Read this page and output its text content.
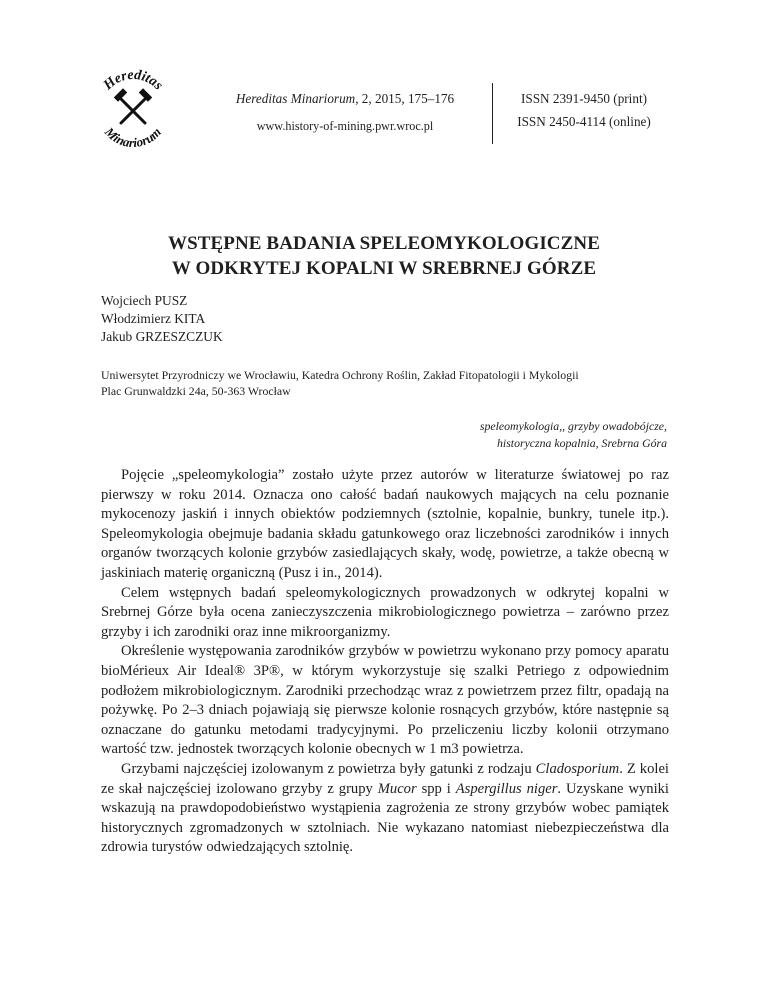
Hereditas
Minariorum
Hereditas Minariorum, 2, 2015, 175–176
www.history-of-mining.pwr.wroc.pl
ISSN 2391-9450 (print)
ISSN 2450-4114 (online)
WSTĘPNE BADANIA SPELEOMYKOLOGICZNE
W ODKRYTEJ KOPALNI W SREBRNEJ GÓRZE
Wojciech PUSZ
Włodzimierz KITA
Jakub GRZESZCZUK
Uniwersytet Przyrodniczy we Wrocławiu, Katedra Ochrony Roślin, Zakład Fitopatologii i Mykologii
Plac Grunwaldzki 24a, 50-363 Wrocław
speleomykologia,, grzyby owadobójcze,
historyczna kopalnia, Srebrna Góra

Pojęcie „speleomykologia” zostało użyte przez autorów w literaturze światowej po raz pierwszy w roku 2014. Oznacza ono całość badań naukowych mających na celu poznanie mykocenozy jaskiń i innych obiektów podziemnych (sztolnie, kopalnie, bunkry, tunele itp.). Speleomykologia obejmuje badania składu gatunkowego oraz liczebności zarodników i innych organów tworzących kolonie grzybów zasiedlających skały, wodę, powietrze, a także obecną w jaskiniach materię organiczną (Pusz i in., 2014).

Celem wstępnych badań speleomykologicznych prowadzonych w odkrytej kopalni w Srebrnej Górze była ocena zanieczyszczenia mikrobiologicznego powietrza – zarówno przez grzyby i ich zarodniki oraz inne mikroorganizmy.

Określenie występowania zarodników grzybów w powietrzu wykonano przy pomocy aparatu bioMérieux Air Ideal® 3P®, w którym wykorzystuje się szalki Petriego z odpowiednim podłożem mikrobiologicznym. Zarodniki przechodząc wraz z powietrzem przez filtr, opadają na pożywkę. Po 2–3 dniach pojawiają się pierwsze kolonie rosnących grzybów, które następnie są oznaczane do gatunku metodami tradycyjnymi. Po przeliczeniu liczby kolonii otrzymano wartość tzw. jednostek tworzących kolonie obecnych w 1 m3 powietrza.

Grzybami najczęściej izolowanym z powietrza były gatunki z rodzaju Cladosporium. Z kolei ze skał najczęściej izolowano grzyby z grupy Mucor spp i Aspergillus niger. Uzyskane wyniki wskazują na prawdopodobieństwo wystąpienia zagrożenia ze strony grzybów wobec pamiątek historycznych zgromadzonych w sztolniach. Nie wykazano natomiast niebezpieczeństwa dla zdrowia turystów odwiedzających sztolnię.
